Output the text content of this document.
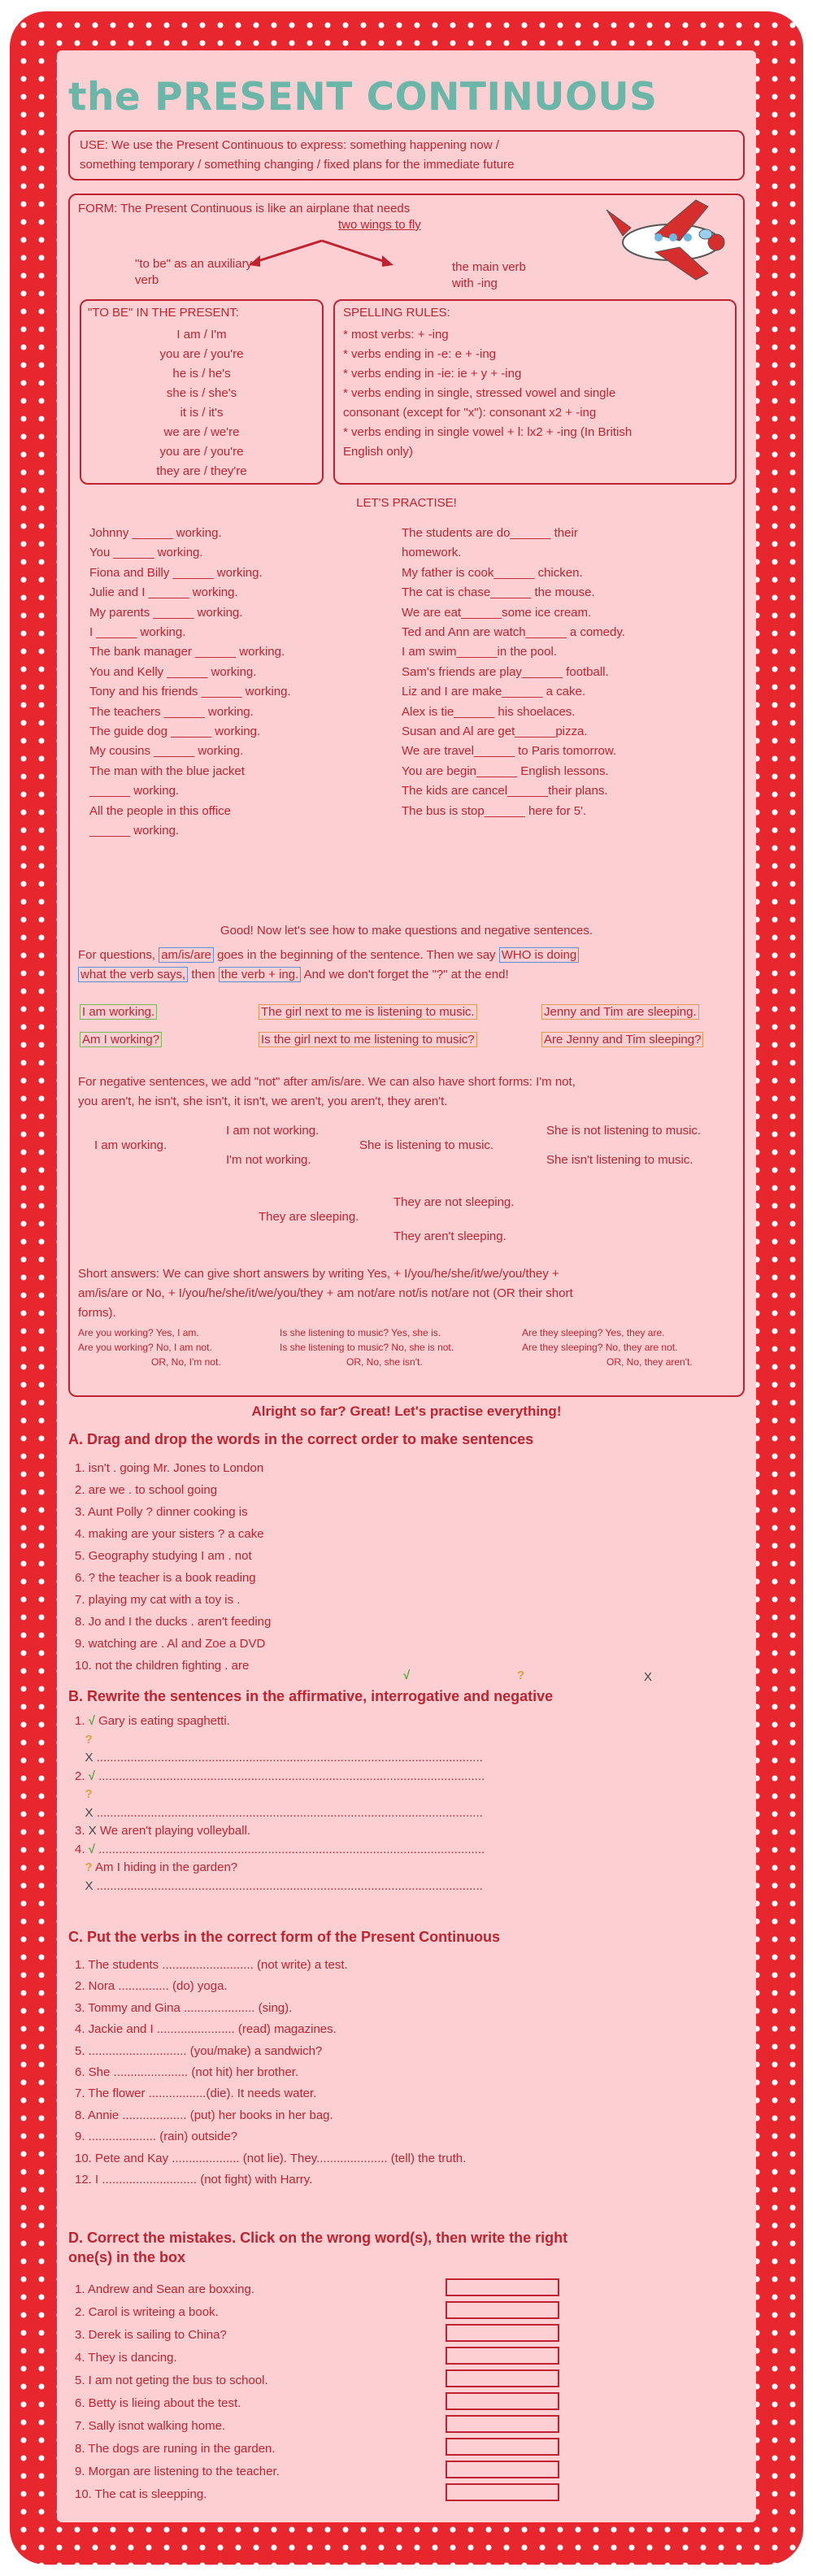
the PRESENT CONTINUOUS
USE: We use the Present Continuous to express: something happening now /
something temporary / something changing / fixed plans for the immediate future
FORM: The Present Continuous is like an airplane that needs
two wings to fly
"to be" as an auxiliary
verb
the main verb
with -ing
"TO BE" IN THE PRESENT:
I am / I'm
you are / you're
he is / he's
she is / she's
it is / it's
we are / we're
you are / you're
they are / they're
SPELLING RULES:
* most verbs: + -ing
* verbs ending in -e: e + -ing
* verbs ending in -ie: ie + y + -ing
* verbs ending in single, stressed vowel and single
consonant (except for "x"): consonant x2 + -ing
* verbs ending in single vowel + l: lx2 + -ing (In British
English only)
LET'S PRACTISE!
Johnny ______ working.
You ______ working.
Fiona and Billy ______ working.
Julie and I ______ working.
My parents ______ working.
I ______ working.
The bank manager ______ working.
You and Kelly ______ working.
Tony and his friends ______ working.
The teachers ______ working.
The guide dog ______ working.
My cousins ______ working.
The man with the blue jacket
______ working.
All the people in this office
______ working.
The students are do______ their
homework.
My father is cook______ chicken.
The cat is chase______ the mouse.
We are eat______some ice cream.
Ted and Ann are watch______ a comedy.
I am swim______in the pool.
Sam's friends are play______ football.
Liz and I are make______ a cake.
Alex is tie______ his shoelaces.
Susan and Al are get______pizza.
We are travel______ to Paris tomorrow.
You are begin______ English lessons.
The kids are cancel______their plans.
The bus is stop______ here for 5'.
Good! Now let's see how to make questions and negative sentences.
For questions, am/is/are goes in the beginning of the sentence. Then we say WHO is doing
what the verb says, then the verb + ing. And we don't forget the "?" at the end!
I am working.
Am I working?
The girl next to me is listening to music.
Is the girl next to me listening to music?
Jenny and Tim are sleeping.
Are Jenny and Tim sleeping?
For negative sentences, we add "not" after am/is/are. We can also have short forms: I'm not,
you aren't, he isn't, she isn't, it isn't, we aren't, you aren't, they aren't.
I am working.
I am not working.
I'm not working.
She is listening to music.
She is not listening to music.
She isn't listening to music.
They are sleeping.
They are not sleeping.
They aren't sleeping.
Short answers: We can give short answers by writing Yes, + I/you/he/she/it/we/you/they +
am/is/are or No, + I/you/he/she/it/we/you/they + am not/are not/is not/are not (OR their short
forms).
Are you working? Yes, I am.
Are you working? No, I am not.
OR, No, I'm not.
Is she listening to music? Yes, she is.
Is she listening to music? No, she is not.
OR, No, she isn't.
Are they sleeping? Yes, they are.
Are they sleeping? No, they are not.
OR, No, they aren't.
Alright so far? Great! Let's practise everything!
A. Drag and drop the words in the correct order to make sentences
1. isn't . going Mr. Jones to London
2. are we . to school going
3. Aunt Polly ? dinner cooking is
4. making are your sisters ? a cake
5. Geography studying I am . not
6. ? the teacher is a book reading
7. playing my cat with a toy is .
8. Jo and I the ducks . aren't feeding
9. watching are . Al and Zoe a DVD
10. not the children fighting . are
√	?	X
B. Rewrite the sentences in the affirmative, interrogative and negative
1. √ Gary is eating spaghetti.
?
X ..................................................................................................................
2. √ ..................................................................................................................
?
X ..................................................................................................................
3. X We aren't playing volleyball.
4. √ ..................................................................................................................
? Am I hiding in the garden?
X ..................................................................................................................
C. Put the verbs in the correct form of the Present Continuous
1. The students ........................... (not write) a test.
2. Nora ............... (do) yoga.
3. Tommy and Gina ..................... (sing).
4. Jackie and I ....................... (read) magazines.
5. ............................. (you/make) a sandwich?
6. She ...................... (not hit) her brother.
7. The flower .................(die). It needs water.
8. Annie ................... (put) her books in her bag.
9. .................... (rain) outside?
10. Pete and Kay .................... (not lie). They..................... (tell) the truth.
12. I ............................ (not fight) with Harry.
D. Correct the mistakes. Click on the wrong word(s), then write the right
one(s) in the box
1. Andrew and Sean are boxxing.
2. Carol is writeing a book.
3. Derek is sailing to China?
4. They is dancing.
5. I am not geting the bus to school.
6. Betty is lieing about the test.
7. Sally isnot walking home.
8. The dogs are runing in the garden.
9. Morgan are listening to the teacher.
10. The cat is sleepping.
